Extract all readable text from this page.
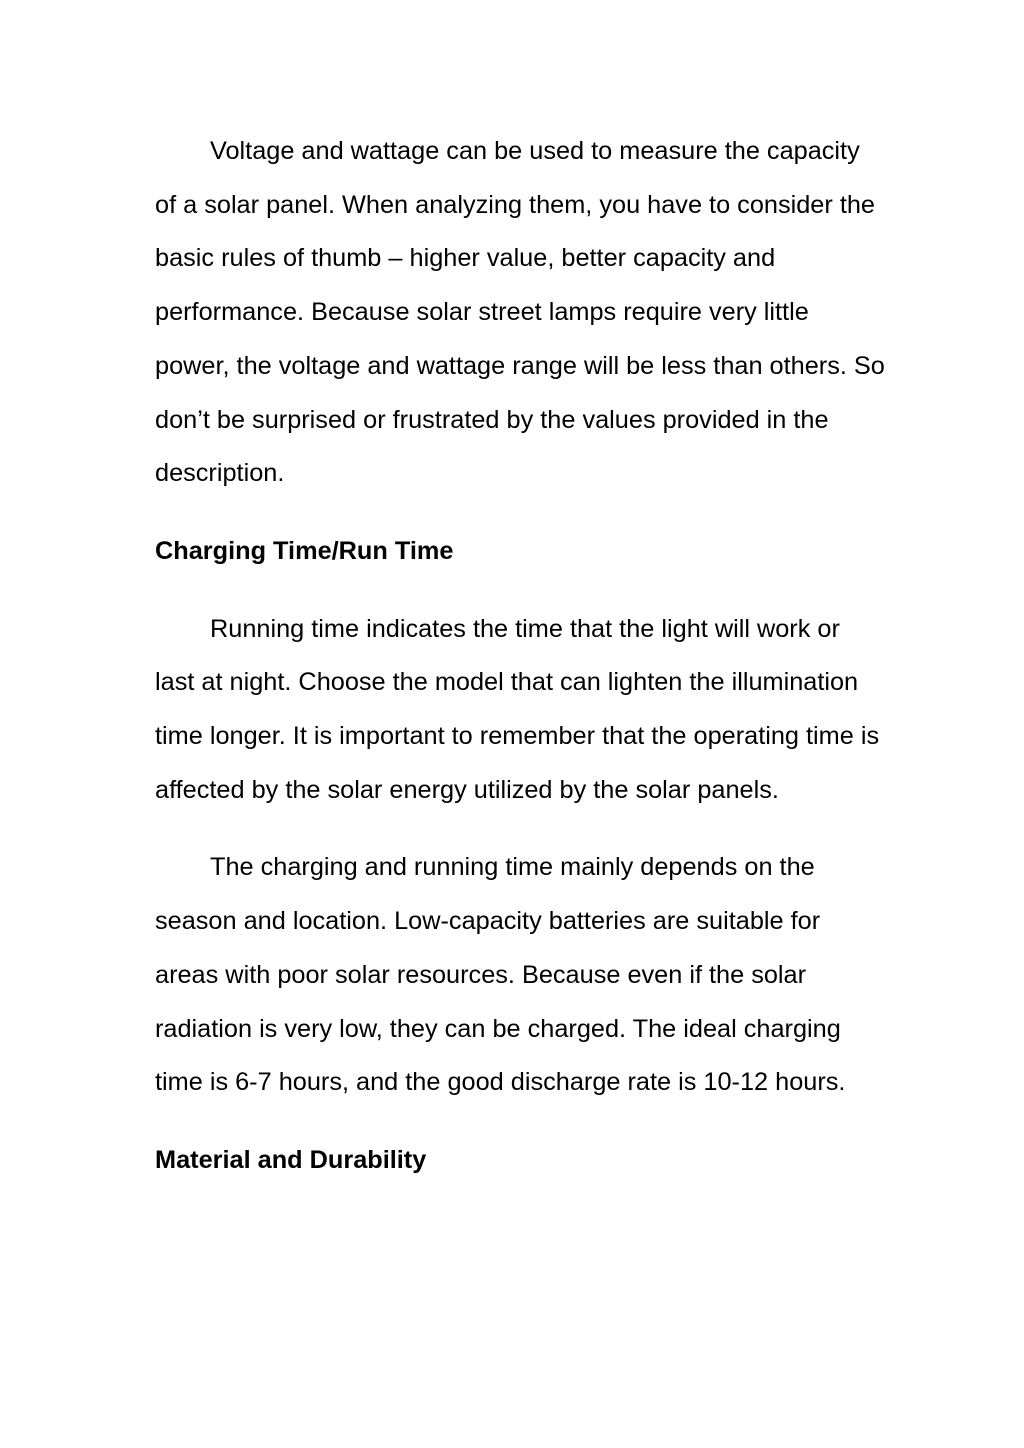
Voltage and wattage can be used to measure the capacity of a solar panel. When analyzing them, you have to consider the basic rules of thumb – higher value, better capacity and performance. Because solar street lamps require very little power, the voltage and wattage range will be less than others. So don’t be surprised or frustrated by the values provided in the description.

Charging Time/Run Time

Running time indicates the time that the light will work or last at night. Choose the model that can lighten the illumination time longer. It is important to remember that the operating time is affected by the solar energy utilized by the solar panels.

The charging and running time mainly depends on the season and location. Low-capacity batteries are suitable for areas with poor solar resources. Because even if the solar radiation is very low, they can be charged. The ideal charging time is 6-7 hours, and the good discharge rate is 10-12 hours.

Material and Durability
